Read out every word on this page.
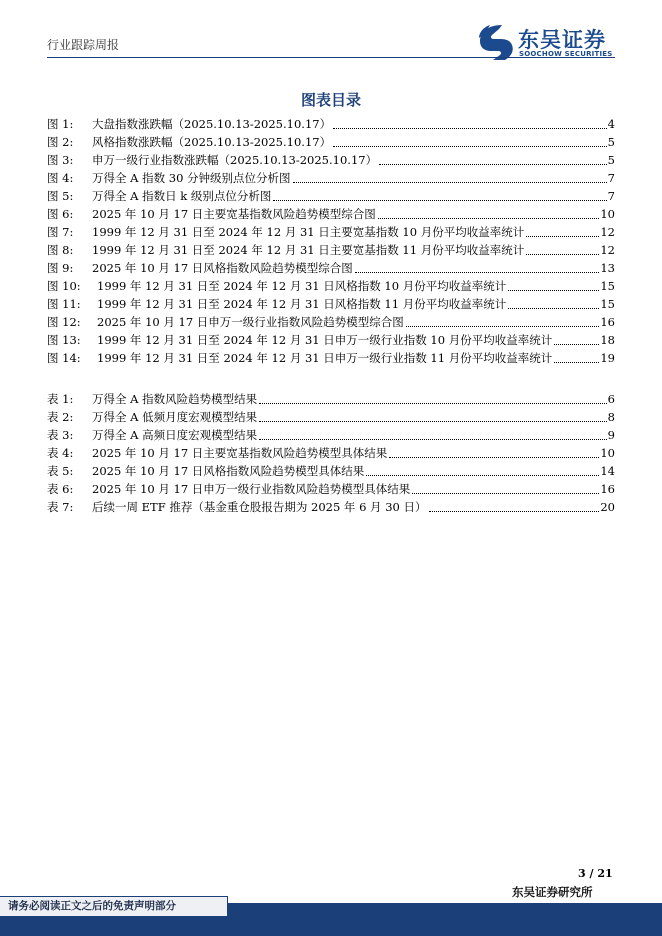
行业跟踪周报	东吴证券
SOOCHOW SECURITIES
图表目录
图 1:	大盘指数涨跌幅（2025.10.13-2025.10.17）	4
图 2:	风格指数涨跌幅（2025.10.13-2025.10.17）	5
图 3:	申万一级行业指数涨跌幅（2025.10.13-2025.10.17）	5
图 4:	万得全 A 指数 30 分钟级别点位分析图	7
图 5:	万得全 A 指数日 k 级别点位分析图	7
图 6:	2025 年 10 月 17 日主要宽基指数风险趋势模型综合图	10
图 7:	1999 年 12 月 31 日至 2024 年 12 月 31 日主要宽基指数 10 月份平均收益率统计	12
图 8:	1999 年 12 月 31 日至 2024 年 12 月 31 日主要宽基指数 11 月份平均收益率统计	12
图 9:	2025 年 10 月 17 日风格指数风险趋势模型综合图	13
图 10:	1999 年 12 月 31 日至 2024 年 12 月 31 日风格指数 10 月份平均收益率统计	15
图 11:	1999 年 12 月 31 日至 2024 年 12 月 31 日风格指数 11 月份平均收益率统计	15
图 12:	2025 年 10 月 17 日申万一级行业指数风险趋势模型综合图	16
图 13:	1999 年 12 月 31 日至 2024 年 12 月 31 日申万一级行业指数 10 月份平均收益率统计	18
图 14:	1999 年 12 月 31 日至 2024 年 12 月 31 日申万一级行业指数 11 月份平均收益率统计	19
表 1:	万得全 A 指数风险趋势模型结果	6
表 2:	万得全 A 低频月度宏观模型结果	8
表 3:	万得全 A 高频日度宏观模型结果	9
表 4:	2025 年 10 月 17 日主要宽基指数风险趋势模型具体结果	10
表 5:	2025 年 10 月 17 日风格指数风险趋势模型具体结果	14
表 6:	2025 年 10 月 17 日申万一级行业指数风险趋势模型具体结果	16
表 7:	后续一周 ETF 推荐（基金重仓股报告期为 2025 年 6 月 30 日）	20
3 / 21
请务必阅读正文之后的免责声明部分
东吴证券研究所
